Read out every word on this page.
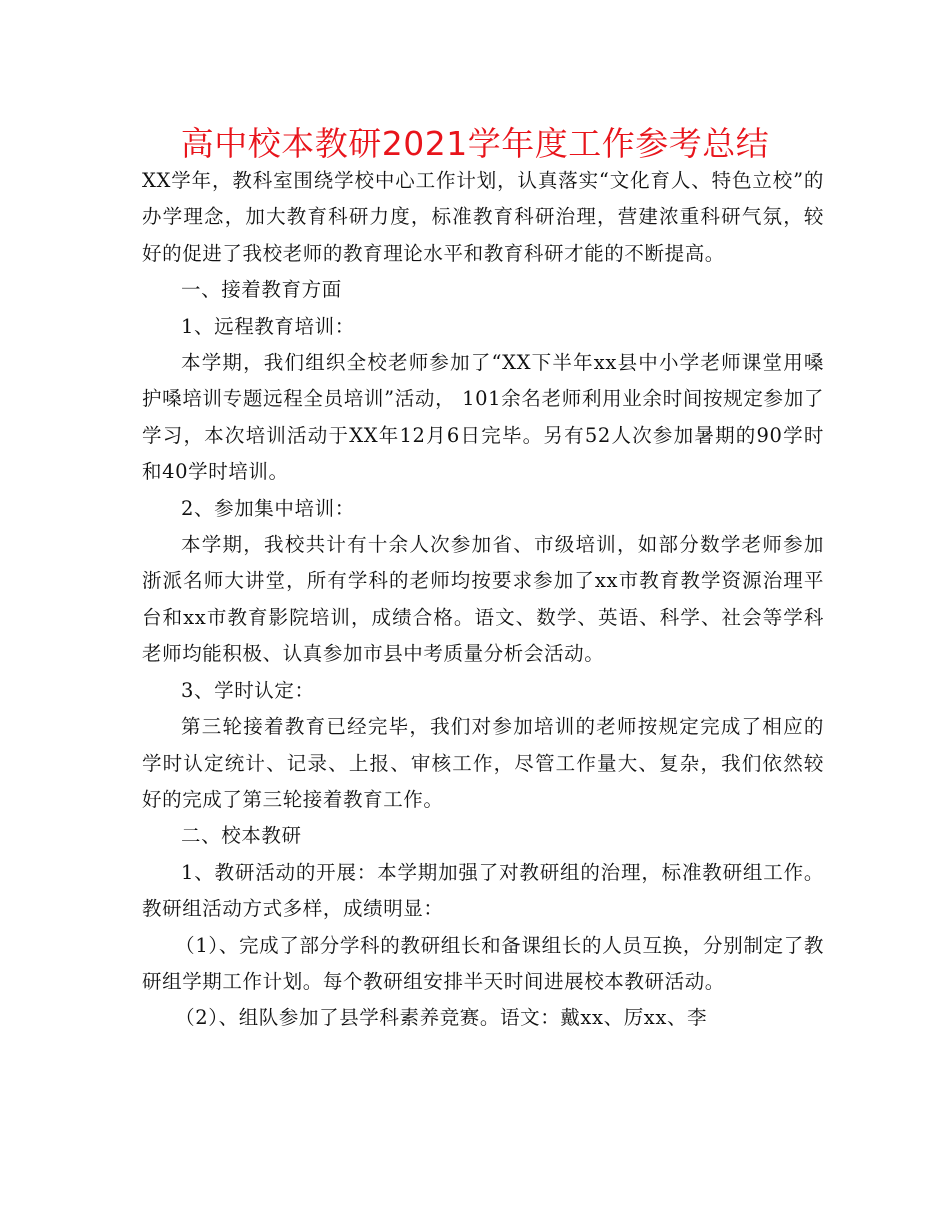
高中校本教研2021学年度工作参考总结

XX学年，教科室围绕学校中心工作计划，认真落实“文化育人、特色立校”的办学理念，加大教育科研力度，标准教育科研治理，营建浓重科研气氛，较好的促进了我校老师的教育理论水平和教育科研才能的不断提高。

一、接着教育方面

1、远程教育培训：

本学期，我们组织全校老师参加了“XX下半年xx县中小学老师课堂用嗓护嗓培训专题远程全员培训”活动， 101余名老师利用业余时间按规定参加了学习，本次培训活动于XX年12月6日完毕。另有52人次参加暑期的90学时和40学时培训。

2、参加集中培训：

本学期，我校共计有十余人次参加省、市级培训，如部分数学老师参加浙派名师大讲堂，所有学科的老师均按要求参加了xx市教育教学资源治理平台和xx市教育影院培训，成绩合格。语文、数学、英语、科学、社会等学科老师均能积极、认真参加市县中考质量分析会活动。

3、学时认定：

第三轮接着教育已经完毕，我们对参加培训的老师按规定完成了相应的学时认定统计、记录、上报、审核工作，尽管工作量大、复杂，我们依然较好的完成了第三轮接着教育工作。

二、校本教研

1、教研活动的开展：本学期加强了对教研组的治理，标准教研组工作。教研组活动方式多样，成绩明显：

（1）、完成了部分学科的教研组长和备课组长的人员互换，分别制定了教研组学期工作计划。每个教研组安排半天时间进展校本教研活动。

（2）、组队参加了县学科素养竞赛。语文：戴xx、厉xx、李
